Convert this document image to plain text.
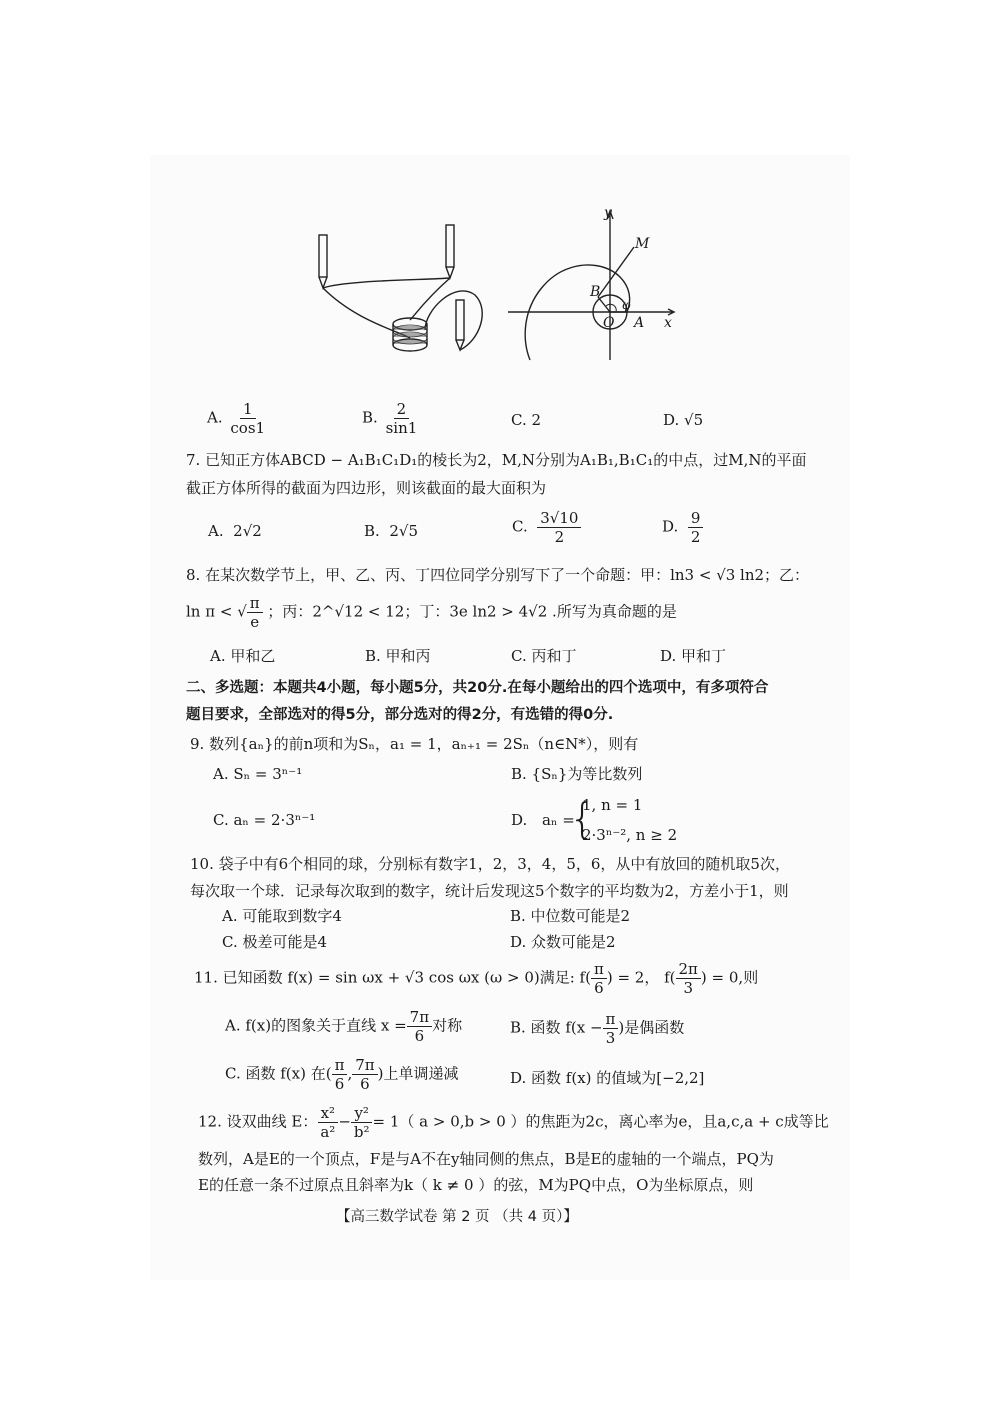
y
M
B
φ
O A x
A. $\frac{1}{\cos 1}$	B. $\frac{2}{\sin 1}$	C. 2	D. √5
7. 已知正方体ABCD − A₁B₁C₁D₁的棱长为2，M,N分别为A₁B₁,B₁C₁的中点，过M,N的平面
截正方体所得的截面为四边形，则该截面的最大面积为
A. 2√2	B. 2√5	C. $\frac{3√10}{2}$	D. $\frac{9}{2}$
8. 在某次数学节上，甲、乙、丙、丁四位同学分别写下了一个命题：甲：ln3 < √3 ln2；乙：
ln π < √ $\frac{\pi}{e}$ ；丙：2^√12 < 12；丁：3e ln2 > 4√2 .所写为真命题的是
A. 甲和乙	B. 甲和丙	C. 丙和丁	D. 甲和丁
二、多选题：本题共4小题，每小题5分，共20分.在每小题给出的四个选项中，有多项符合
题目要求，全部选对的得5分，部分选对的得2分，有选错的得0分.
9. 数列{aₙ}的前n项和为Sₙ，a₁ = 1，aₙ₊₁ = 2Sₙ（n∈N*），则有
A. Sₙ = 3ⁿ⁻¹	B. {Sₙ}为等比数列
C. aₙ = 2·3ⁿ⁻¹	D. aₙ =
{
1, n = 1
2·3ⁿ⁻², n ≥ 2
10. 袋子中有6个相同的球，分别标有数字1，2，3，4，5，6，从中有放回的随机取5次，
每次取一个球．记录每次取到的数字，统计后发现这5个数字的平均数为2，方差小于1，则
A. 可能取到数字4	B. 中位数可能是2
C. 极差可能是4	D. 众数可能是2
11. 已知函数 f(x) = sin ωx + √3 cos ωx (ω > 0)满足: $f( \frac{\pi}{6}$ ) = 2， $f( \frac{2\pi}{3}$ ) = 0,则
A. f(x)的图象关于直线 $x = \frac{7\pi}{6}$ 对称	B. 函数 $f(x - \frac{\pi}{3}$ )是偶函数
C. 函数 f(x) 在( $\frac{\pi}{6}$ , $\frac{7\pi}{6}$ )上单调递减	D. 函数 f(x) 的值域为[−2,2]
12. 设双曲线 E： $\frac{\text{x²}}{\text{a²}} - \frac{\text{y²}}{\text{b²}} = 1$（ a > 0,b > 0 ）的焦距为2c，离心率为e，且a,c,a + c成等比
数列，A是E的一个顶点，F是与A不在y轴同侧的焦点，B是E的虚轴的一个端点，PQ为
E的任意一条不过原点且斜率为k（ k ≠ 0 ）的弦，M为PQ中点，O为坐标原点，则
【高三数学试卷 第 2 页 （共 4 页）】
